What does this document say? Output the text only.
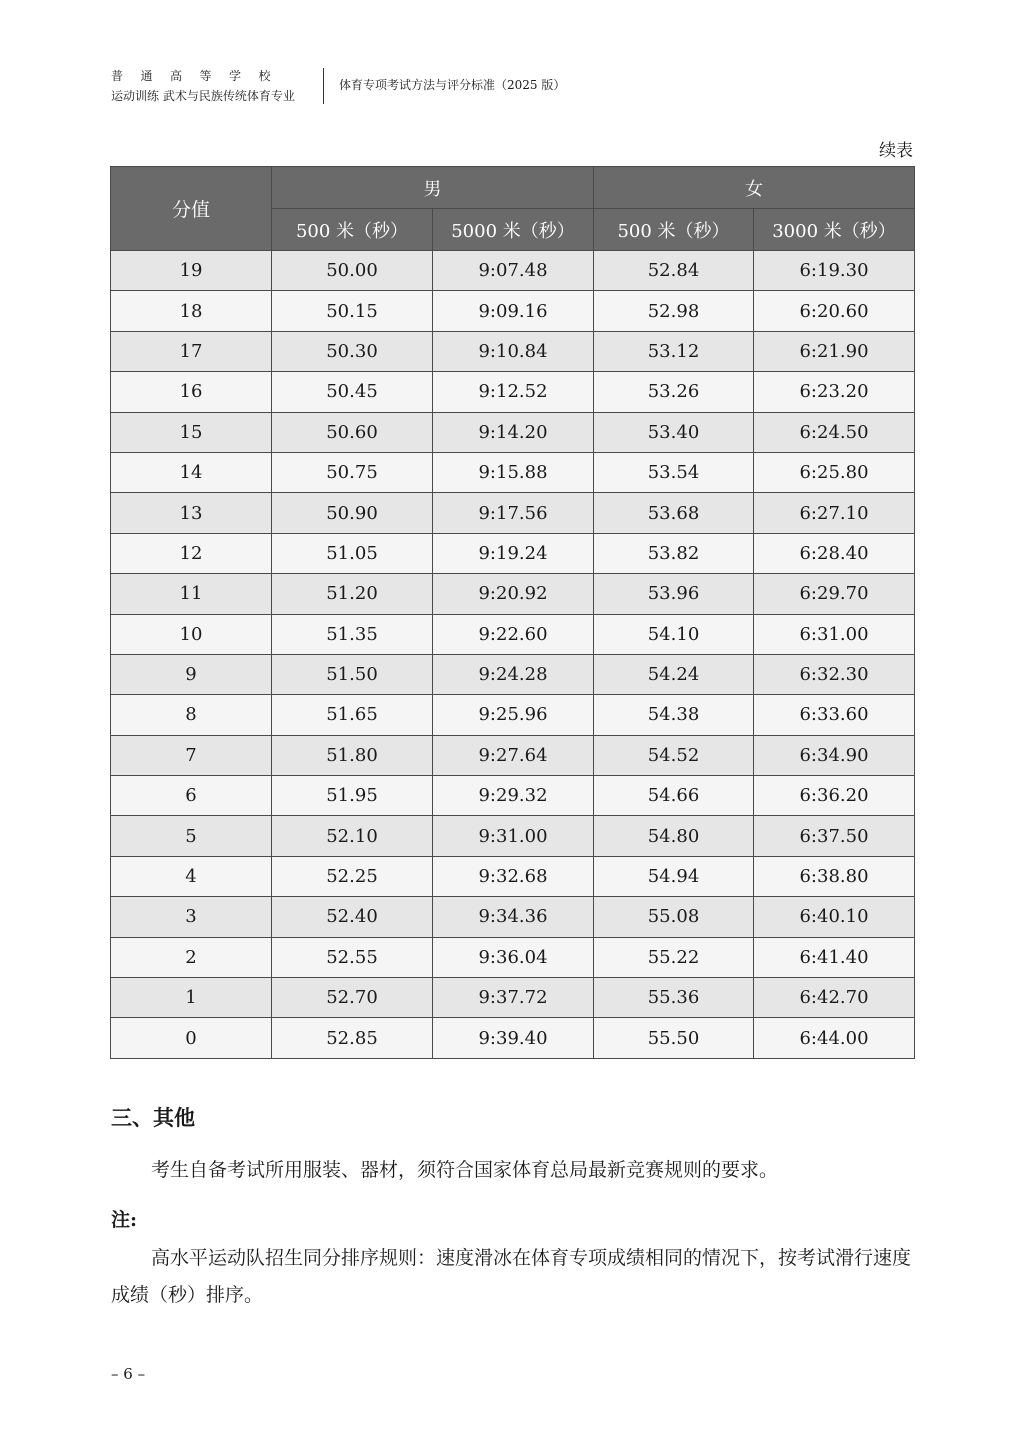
普通高等学校
运动训练 武术与民族传统体育专业
体育专项考试方法与评分标准（2025 版）
续表
分值	男		女	
	500 米（秒）	5000 米（秒）	500 米（秒）	3000 米（秒）
19	50.00	9:07.48	52.84	6:19.30
18	50.15	9:09.16	52.98	6:20.60
17	50.30	9:10.84	53.12	6:21.90
16	50.45	9:12.52	53.26	6:23.20
15	50.60	9:14.20	53.40	6:24.50
14	50.75	9:15.88	53.54	6:25.80
13	50.90	9:17.56	53.68	6:27.10
12	51.05	9:19.24	53.82	6:28.40
11	51.20	9:20.92	53.96	6:29.70
10	51.35	9:22.60	54.10	6:31.00
9	51.50	9:24.28	54.24	6:32.30
8	51.65	9:25.96	54.38	6:33.60
7	51.80	9:27.64	54.52	6:34.90
6	51.95	9:29.32	54.66	6:36.20
5	52.10	9:31.00	54.80	6:37.50
4	52.25	9:32.68	54.94	6:38.80
3	52.40	9:34.36	55.08	6:40.10
2	52.55	9:36.04	55.22	6:41.40
1	52.70	9:37.72	55.36	6:42.70
0	52.85	9:39.40	55.50	6:44.00
三、其他
考生自备考试所用服装、器材，须符合国家体育总局最新竞赛规则的要求。
注:
高水平运动队招生同分排序规则：速度滑冰在体育专项成绩相同的情况下，按考试滑行速度成绩（秒）排序。
– 6 –
